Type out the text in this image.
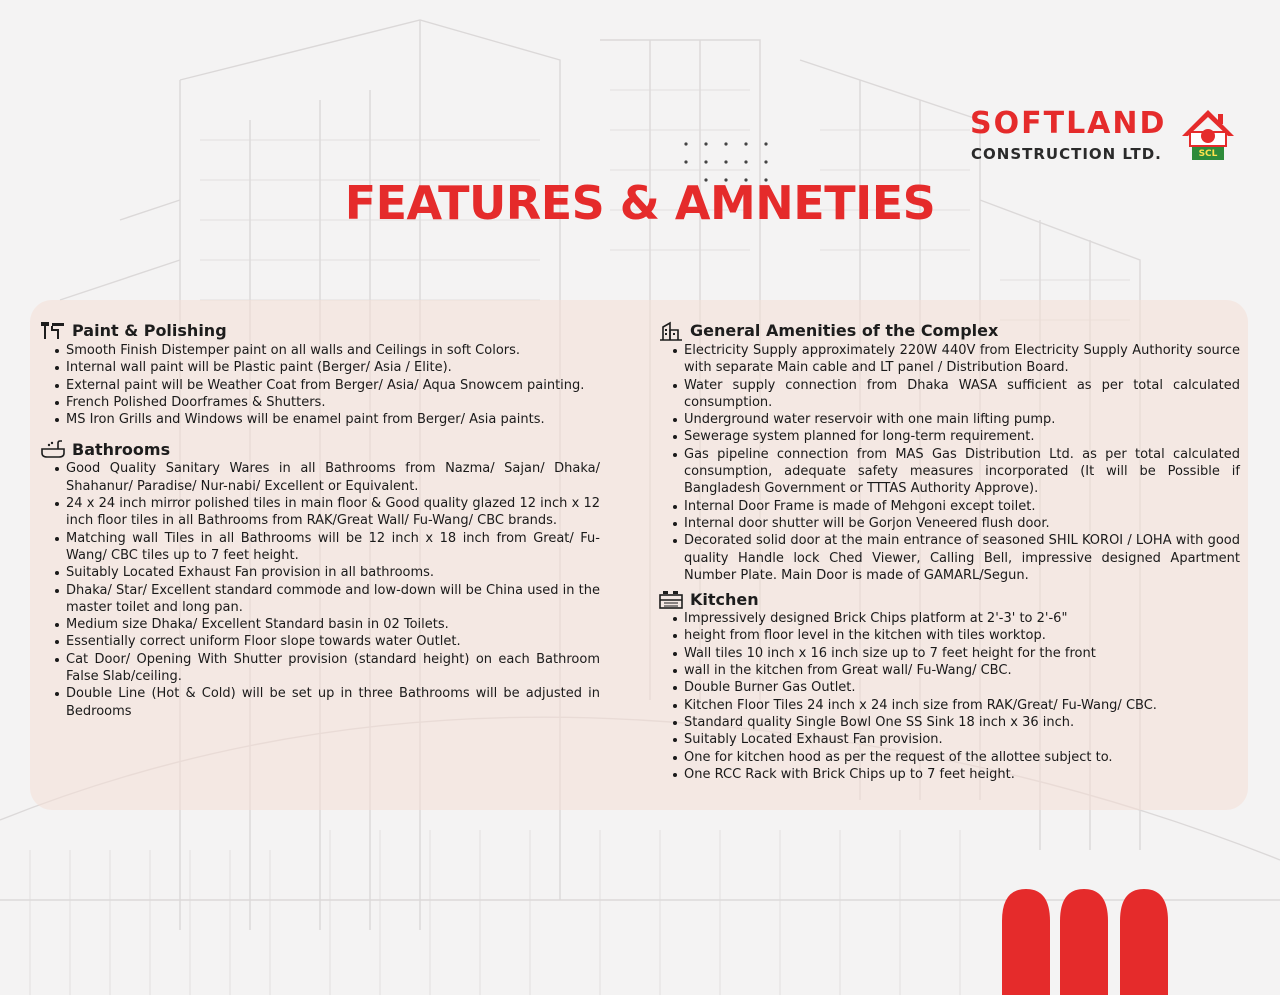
SOFTLAND
CONSTRUCTION LTD.	SCL
FEATURES & AMNETIES
Paint & Polishing
Smooth Finish Distemper paint on all walls and Ceilings in soft Colors.
Internal wall paint will be Plastic paint (Berger/ Asia / Elite).
External paint will be Weather Coat from Berger/ Asia/ Aqua Snowcem painting.
French Polished Doorframes & Shutters.
MS Iron Grills and Windows will be enamel paint from Berger/ Asia paints.
Bathrooms
Good Quality Sanitary Wares in all Bathrooms from Nazma/ Sajan/ Dhaka/ Shahanur/ Paradise/ Nur-nabi/ Excellent or Equivalent.
24 x 24 inch mirror polished tiles in main floor & Good quality glazed 12 inch x 12 inch floor tiles in all Bathrooms from RAK/Great Wall/ Fu-Wang/ CBC brands.
Matching wall Tiles in all Bathrooms will be 12 inch x 18 inch from Great/ Fu-Wang/ CBC tiles up to 7 feet height.
Suitably Located Exhaust Fan provision in all bathrooms.
Dhaka/ Star/ Excellent standard commode and low-down will be China used in the master toilet and long pan.
Medium size Dhaka/ Excellent Standard basin in 02 Toilets.
Essentially correct uniform Floor slope towards water Outlet.
Cat Door/ Opening With Shutter provision (standard height) on each Bathroom False Slab/ceiling.
Double Line (Hot & Cold) will be set up in three Bathrooms will be adjusted in Bedrooms
General Amenities of the Complex
Electricity Supply approximately 220W 440V from Electricity Supply Authority source with separate Main cable and LT panel / Distribution Board.
Water supply connection from Dhaka WASA sufficient as per total calculated consumption.
Underground water reservoir with one main lifting pump.
Sewerage system planned for long-term requirement.
Gas pipeline connection from MAS Gas Distribution Ltd. as per total calculated consumption, adequate safety measures incorporated (It will be Possible if Bangladesh Government or TTTAS Authority Approve).
Internal Door Frame is made of Mehgoni except toilet.
Internal door shutter will be Gorjon Veneered flush door.
Decorated solid door at the main entrance of seasoned SHIL KOROI / LOHA with good quality Handle lock Ched Viewer, Calling Bell, impressive designed Apartment Number Plate. Main Door is made of GAMARL/Segun.
Kitchen
Impressively designed Brick Chips platform at 2'-3' to 2'-6"
height from floor level in the kitchen with tiles worktop.
Wall tiles 10 inch x 16 inch size up to 7 feet height for the front
wall in the kitchen from Great wall/ Fu-Wang/ CBC.
Double Burner Gas Outlet.
Kitchen Floor Tiles 24 inch x 24 inch size from RAK/Great/ Fu-Wang/ CBC.
Standard quality Single Bowl One SS Sink 18 inch x 36 inch.
Suitably Located Exhaust Fan provision.
One for kitchen hood as per the request of the allottee subject to.
One RCC Rack with Brick Chips up to 7 feet height.
